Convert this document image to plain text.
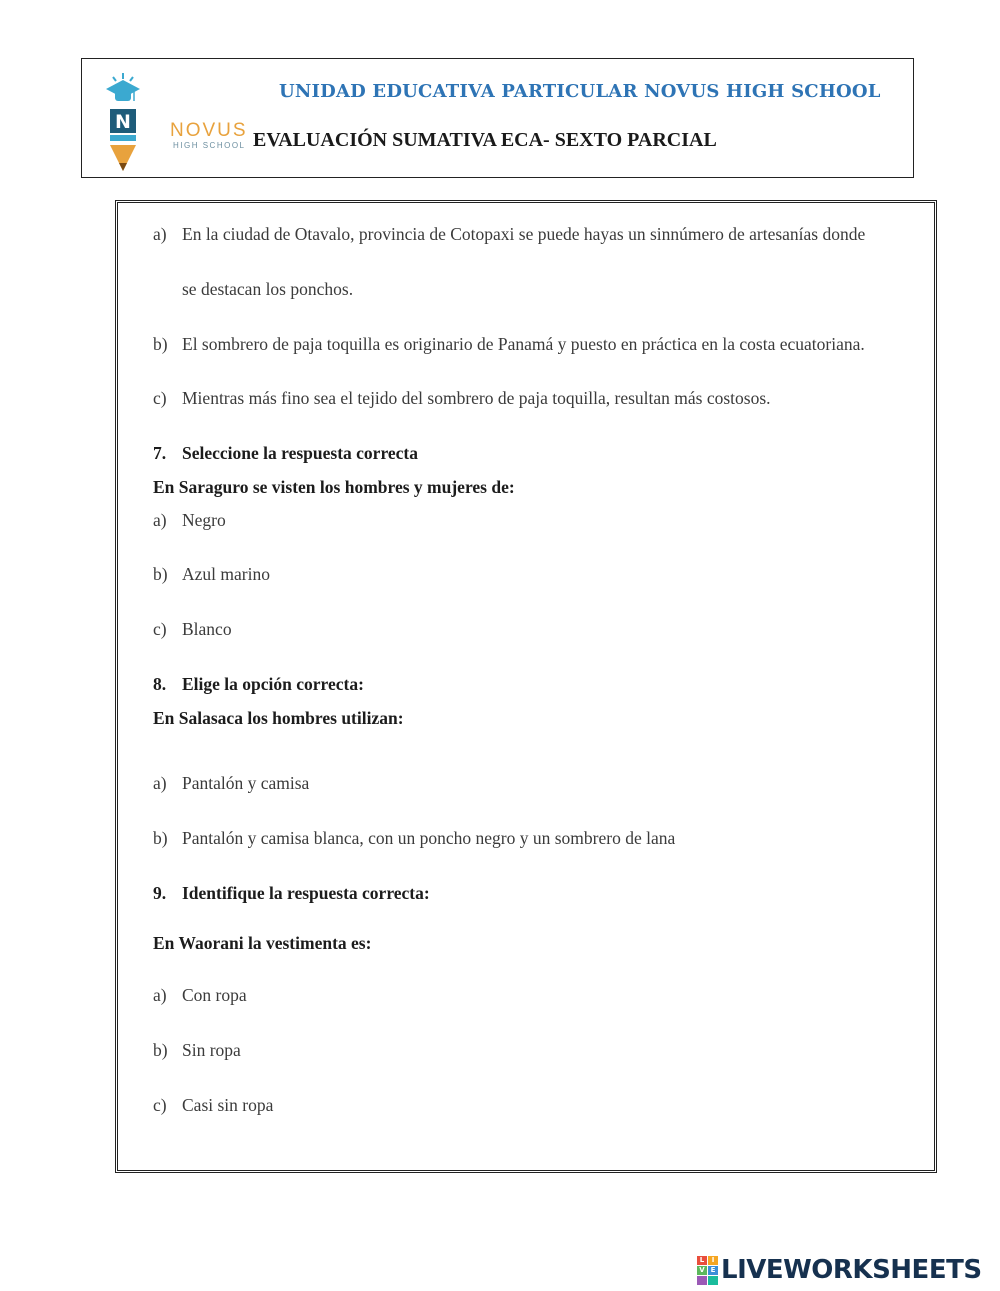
N NOVUS
HIGH SCHOOL
UNIDAD EDUCATIVA PARTICULAR NOVUS HIGH SCHOOL
EVALUACIÓN SUMATIVA ECA- SEXTO PARCIAL
a) En la ciudad de Otavalo, provincia de Cotopaxi se puede hayas un sinnúmero de artesanías donde
se destacan los ponchos.
b) El sombrero de paja toquilla es originario de Panamá y puesto en práctica en la costa ecuatoriana.
c) Mientras más fino sea el tejido del sombrero de paja toquilla, resultan más costosos.
7. Seleccione la respuesta correcta
En Saraguro se visten los hombres y mujeres de:
a) Negro
b) Azul marino
c) Blanco
8. Elige la opción correcta:
En Salasaca los hombres utilizan:
a) Pantalón y camisa
b) Pantalón y camisa blanca, con un poncho negro y un sombrero de lana
9. Identifique la respuesta correcta:
En Waorani la vestimenta es:
a) Con ropa
b) Sin ropa
c) Casi sin ropa
L	I
V E LIVEWORKSHEETS
